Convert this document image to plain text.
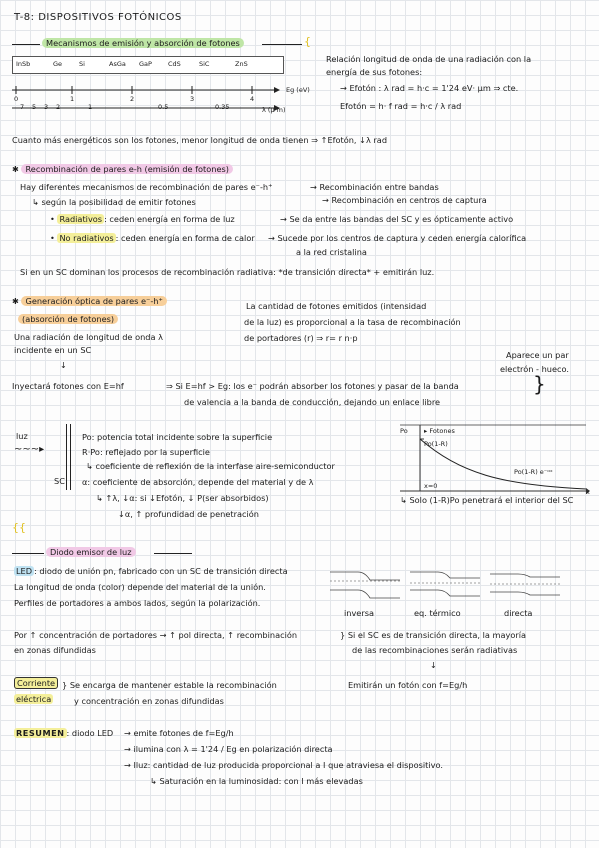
T-8: DISPOSITIVOS FOTÓNICOS
Mecanismos de emisión y absorción de fotones	{
InSb	Ge	Si	AsGa GaP CdS	SiC	ZnS
0	1	2	3	4
Eg (eV)
7 5 3 2	1	0.5	0.35	λ (μ m)
Relación longitud de onda de una radiación con la
energía de sus fotones:
→ Efotón : λ rad = h·c = 1'24 eV· μm ⇒ cte.
Efotón = h· f rad = h·c / λ rad
Cuanto más energéticos son los fotones, menor longitud de onda tienen ⇒ ↑Efotón, ↓λ rad
✱ Recombinación de pares e-h (emisión de fotones)
Hay diferentes mecanismos de recombinación de pares e⁻-h⁺	→ Recombinación entre bandas
→ Recombinación en centros de captura
↳ según la posibilidad de emitir fotones
• Radiativos : ceden energía en forma de luz	→ Se da entre las bandas del SC y es ópticamente activo
• No radiativos : ceden energía en forma de calor → Sucede por los centros de captura y ceden energía calorífica
a la red cristalina
Si en un SC dominan los procesos de recombinación radiativa: *de transición directa* + emitirán luz.
✱ Generación óptica de pares e⁻-h⁺
(absorción de fotones)
Una radiación de longitud de onda λ
incidente en un SC
↓
La cantidad de fotones emitidos (intensidad
de la luz) es proporcional a la tasa de recombinación
de portadores (r) ⇒ r= r n·p
Aparece un par
electrón - hueco.
Inyectará fotones con E=hf	⇒ Si E=hf > Eg: los e⁻ podrán absorber los fotones y pasar de la banda
de valencia a la banda de conducción, dejando un enlace libre
}
luz
~~~▸
SC
Po: potencia total incidente sobre la superficie
R·Po: reflejado por la superficie
↳ coeficiente de reflexión de la interfase aire-semiconductor
α: coeficiente de absorción, depende del material y de λ
↳ ↑λ, ↓α: si ↓Efotón, ↓ P(ser absorbidos)
↓α, ↑ profundidad de penetración
Po	▸ Fotones
Po(1-R)
Po(1-R) e⁻ᵅˣ
x=0
x
↳ Solo (1-R)Po penetrará el interior del SC
{{
Diodo emisor de luz
LED : diodo de unión pn, fabricado con un SC de transición directa
La longitud de onda (color) depende del material de la unión.
Perfiles de portadores a ambos lados, según la polarización.
inversa	eq. térmico	directa
Por ↑ concentración de portadores → ↑ pol directa, ↑ recombinación
en zonas difundidas
} Si el SC es de transición directa, la mayoría
de las recombinaciones serán radiativas
↓
Emitirán un fotón con f=Eg/h
Corriente
eléctrica
} Se encarga de mantener estable la recombinación
y concentración en zonas difundidas
RESUMEN : diodo LED → emite fotones de f=Eg/h
→ ilumina con λ = 1'24 / Eg en polarización directa
→ Iluz: cantidad de luz producida proporcional a I que atraviesa el dispositivo.
↳ Saturación en la luminosidad: con I más elevadas
